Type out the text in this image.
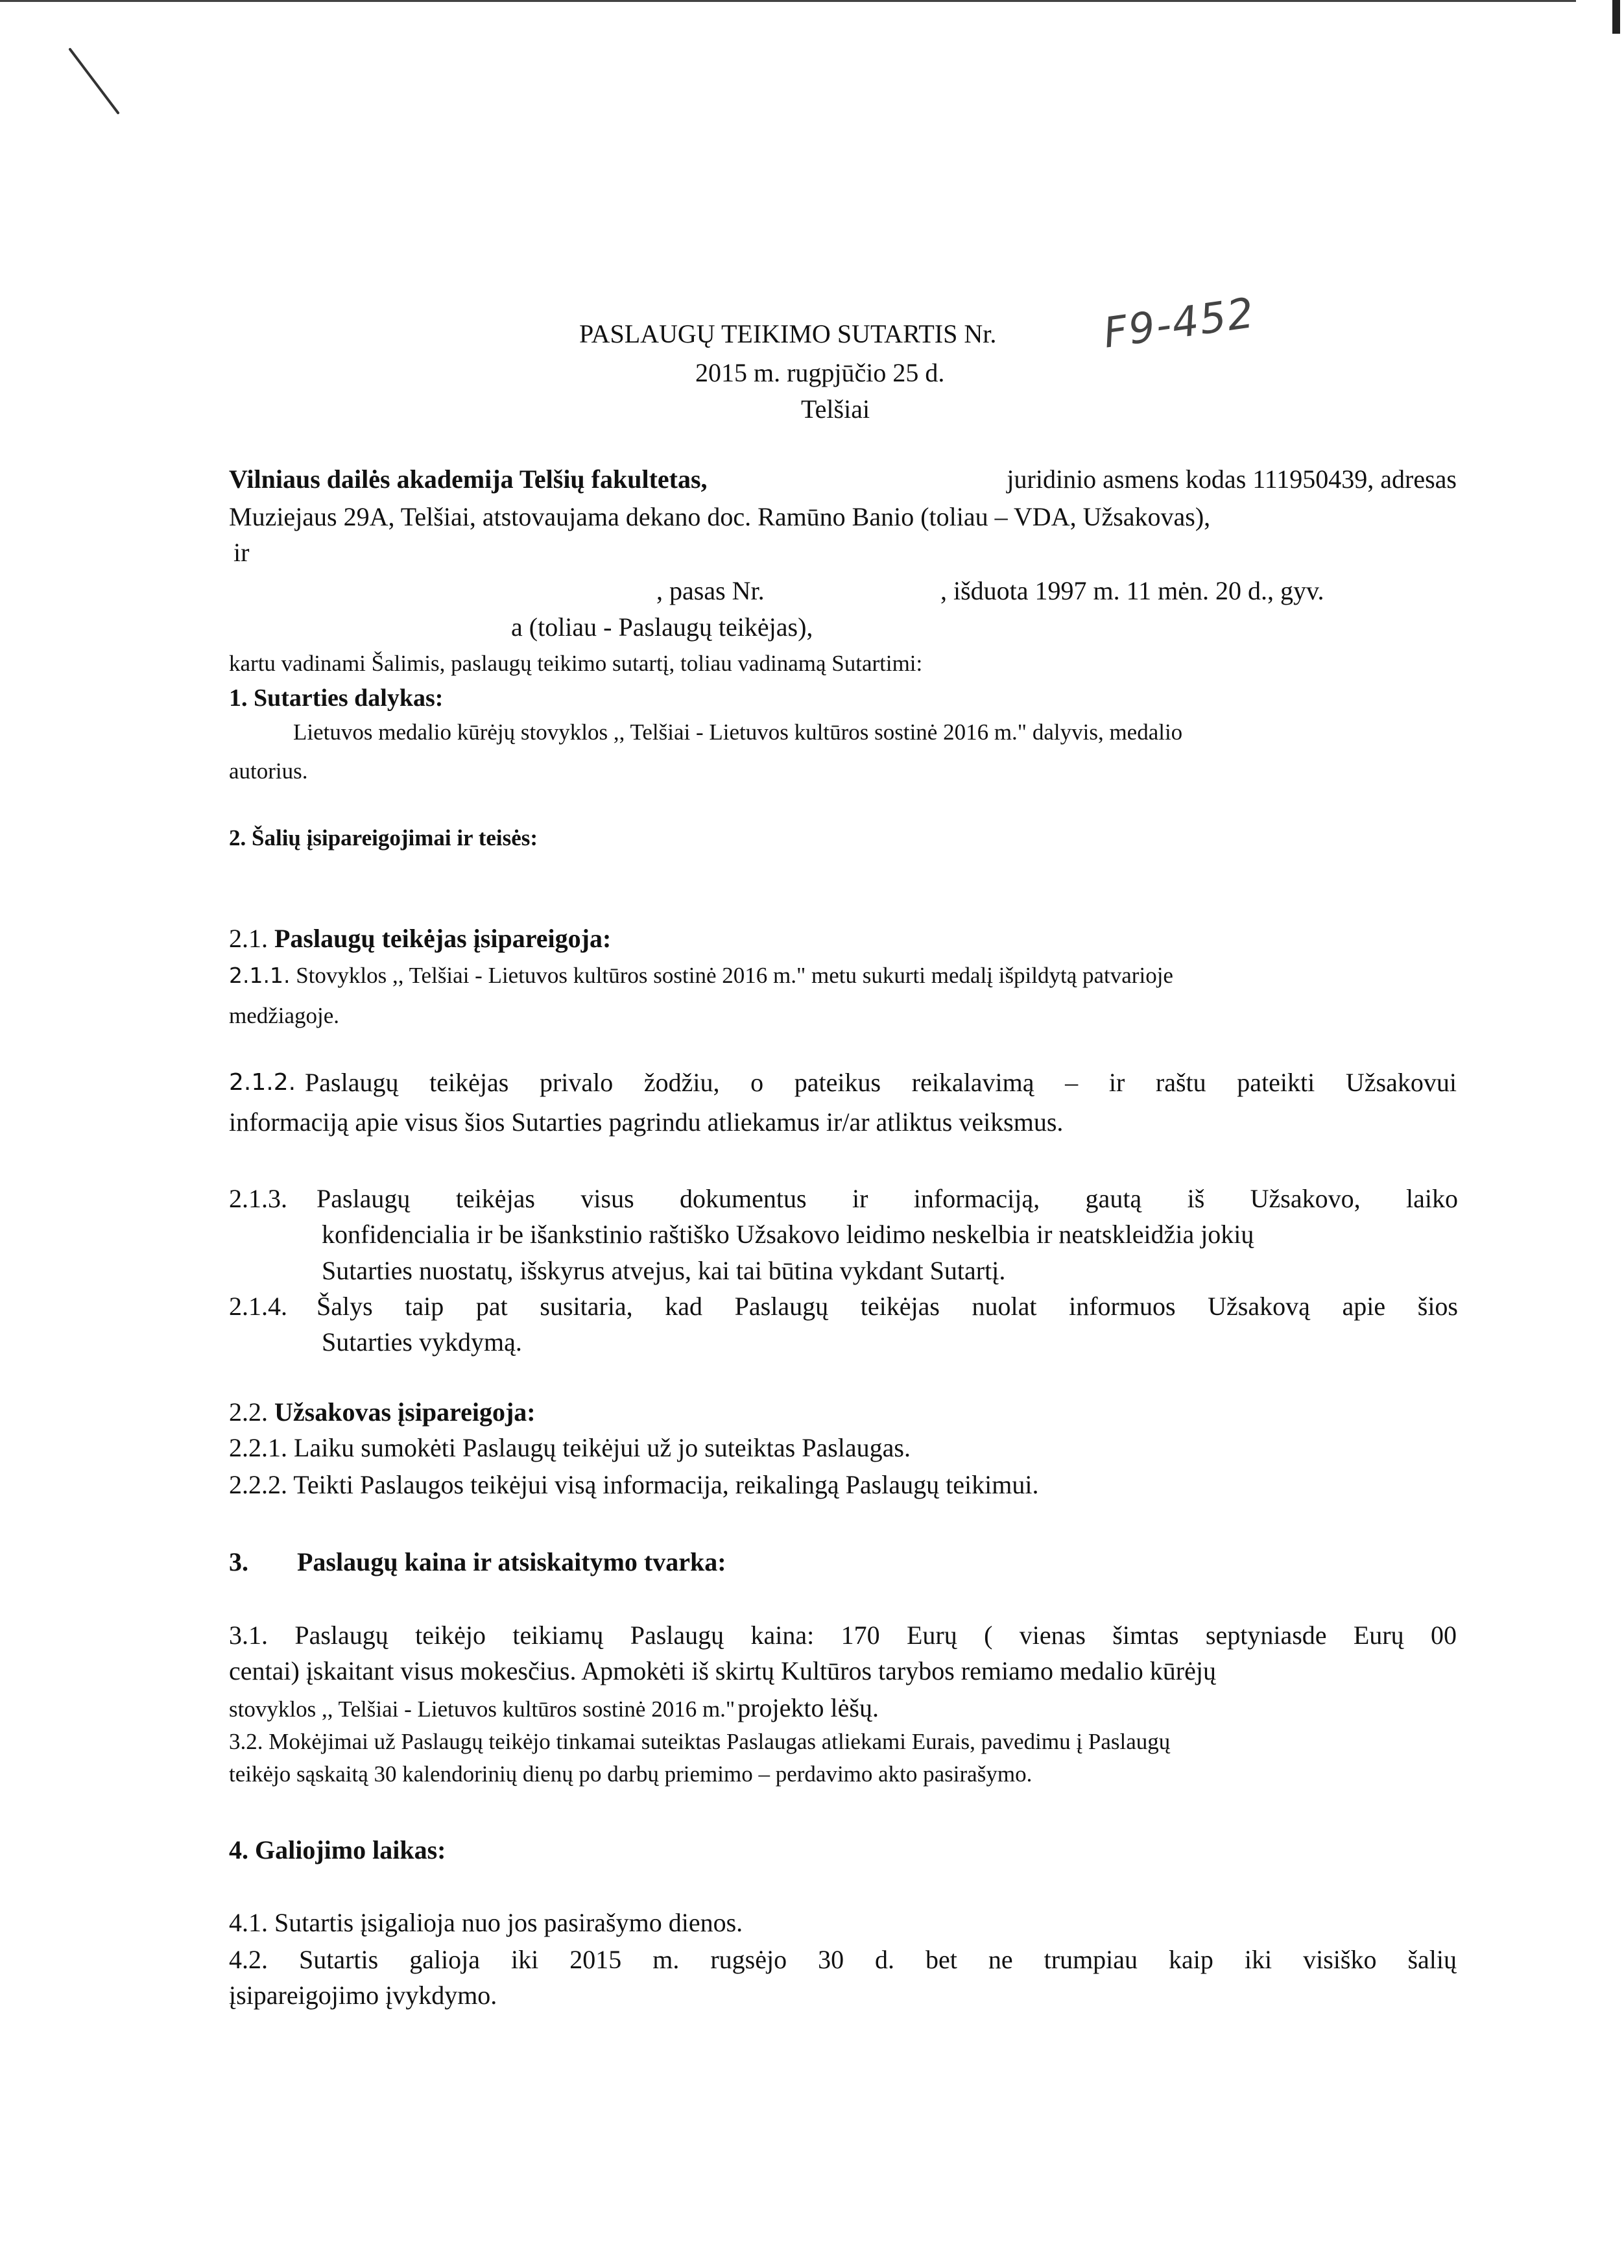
PASLAUGŲ TEIKIMO SUTARTIS Nr.	F9-452
2015 m. rugpjūčio 25 d.
Telšiai
Vilniaus dailės akademija Telšių fakultetas,	juridinio asmens kodas 111950439, adresas
Muziejaus 29A, Telšiai, atstovaujama dekano doc. Ramūno Banio (toliau – VDA, Užsakovas),
ir
, pasas Nr.	, išduota 1997 m. 11 mėn. 20 d., gyv.
a (toliau - Paslaugų teikėjas),
kartu vadinami Šalimis, paslaugų teikimo sutartį, toliau vadinamą Sutartimi:
1. Sutarties dalykas:
Lietuvos medalio kūrėjų stovyklos ,, Telšiai - Lietuvos kultūros sostinė 2016 m." dalyvis, medalio
autorius.
2. Šalių įsipareigojimai ir teisės:
2.1. Paslaugų teikėjas įsipareigoja:
2.1.1. Stovyklos ,, Telšiai - Lietuvos kultūros sostinė 2016 m." metu sukurti medalį išpildytą patvarioje
medžiagoje.
2.1.2. Paslaugų teikėjas privalo žodžiu, o pateikus reikalavimą – ir raštu pateikti Užsakovui
informaciją apie visus šios Sutarties pagrindu atliekamus ir/ar atliktus veiksmus.
2.1.3. Paslaugų teikėjas visus dokumentus ir informaciją, gautą iš Užsakovo, laiko
konfidencialia ir be išankstinio raštiško Užsakovo leidimo neskelbia ir neatskleidžia jokių
Sutarties nuostatų, išskyrus atvejus, kai tai būtina vykdant Sutartį.
2.1.4. Šalys taip pat susitaria, kad Paslaugų teikėjas nuolat informuos Užsakovą apie šios
Sutarties vykdymą.
2.2. Užsakovas įsipareigoja:
2.2.1. Laiku sumokėti Paslaugų teikėjui už jo suteiktas Paslaugas.
2.2.2. Teikti Paslaugos teikėjui visą informacija, reikalingą Paslaugų teikimui.
3. Paslaugų kaina ir atsiskaitymo tvarka:
3.1. Paslaugų teikėjo teikiamų Paslaugų kaina: 170 Eurų ( vienas šimtas septyniasde Eurų 00
centai) įskaitant visus mokesčius. Apmokėti iš skirtų Kultūros tarybos remiamo medalio kūrėjų
stovyklos ,, Telšiai - Lietuvos kultūros sostinė 2016 m." projekto lėšų.
3.2. Mokėjimai už Paslaugų teikėjo tinkamai suteiktas Paslaugas atliekami Eurais, pavedimu į Paslaugų
teikėjo sąskaitą 30 kalendorinių dienų po darbų priemimo – perdavimo akto pasirašymo.
4. Galiojimo laikas:
4.1. Sutartis įsigalioja nuo jos pasirašymo dienos.
4.2. Sutartis galioja iki 2015 m. rugsėjo 30 d. bet ne trumpiau kaip iki visiško šalių
įsipareigojimo įvykdymo.
